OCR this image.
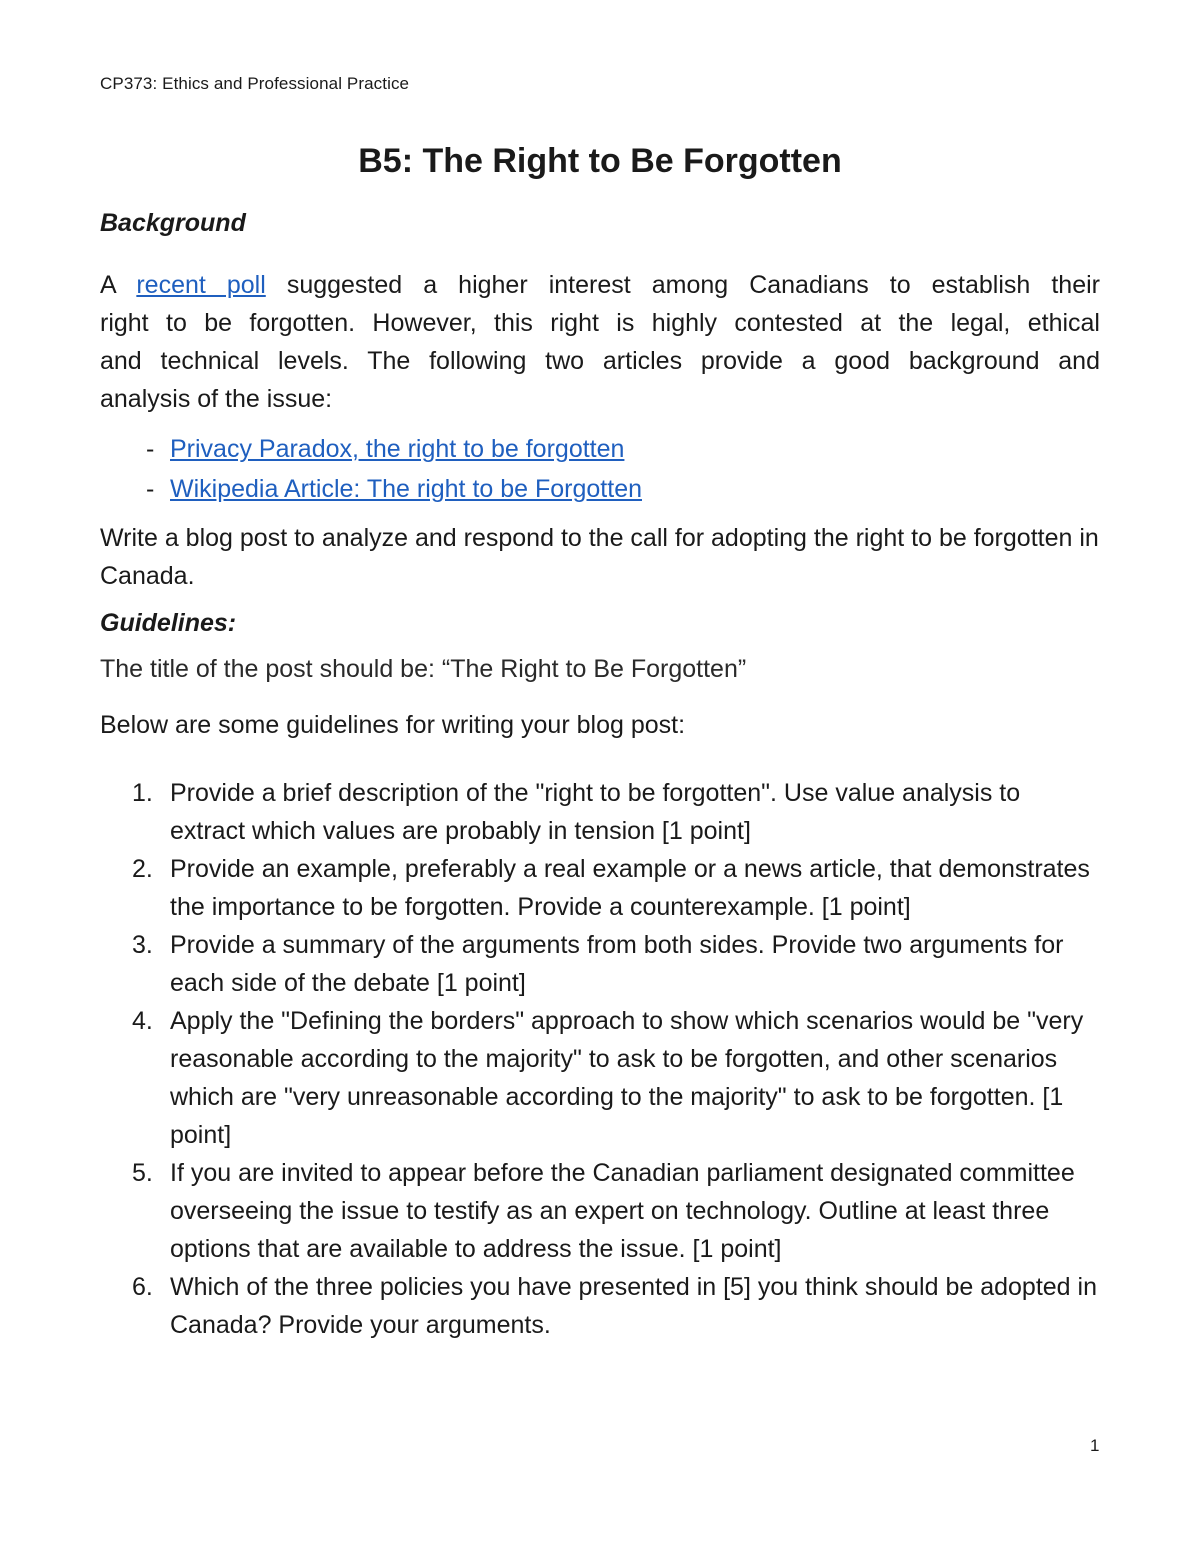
CP373: Ethics and Professional Practice
B5: The Right to Be Forgotten
Background
A recent poll suggested a higher interest among Canadians to establish their
right to be forgotten. However, this right is highly contested at the legal, ethical
and technical levels. The following two articles provide a good background and
analysis of the issue:
- Privacy Paradox, the right to be forgotten
- Wikipedia Article: The right to be Forgotten

Write a blog post to analyze and respond to the call for adopting the right to be forgotten in Canada.

Guidelines:

The title of the post should be: “The Right to Be Forgotten”

Below are some guidelines for writing your blog post:

1. Provide a brief description of the "right to be forgotten". Use value analysis to extract which values are probably in tension [1 point]
2. Provide an example, preferably a real example or a news article, that demonstrates the importance to be forgotten. Provide a counterexample. [1 point]
3. Provide a summary of the arguments from both sides. Provide two arguments for each side of the debate [1 point]
4. Apply the "Defining the borders" approach to show which scenarios would be "very reasonable according to the majority" to ask to be forgotten, and other scenarios which are "very unreasonable according to the majority" to ask to be forgotten. [1 point]
5. If you are invited to appear before the Canadian parliament designated committee overseeing the issue to testify as an expert on technology. Outline at least three options that are available to address the issue. [1 point]
6. Which of the three policies you have presented in [5] you think should be adopted in Canada? Provide your arguments.
1
